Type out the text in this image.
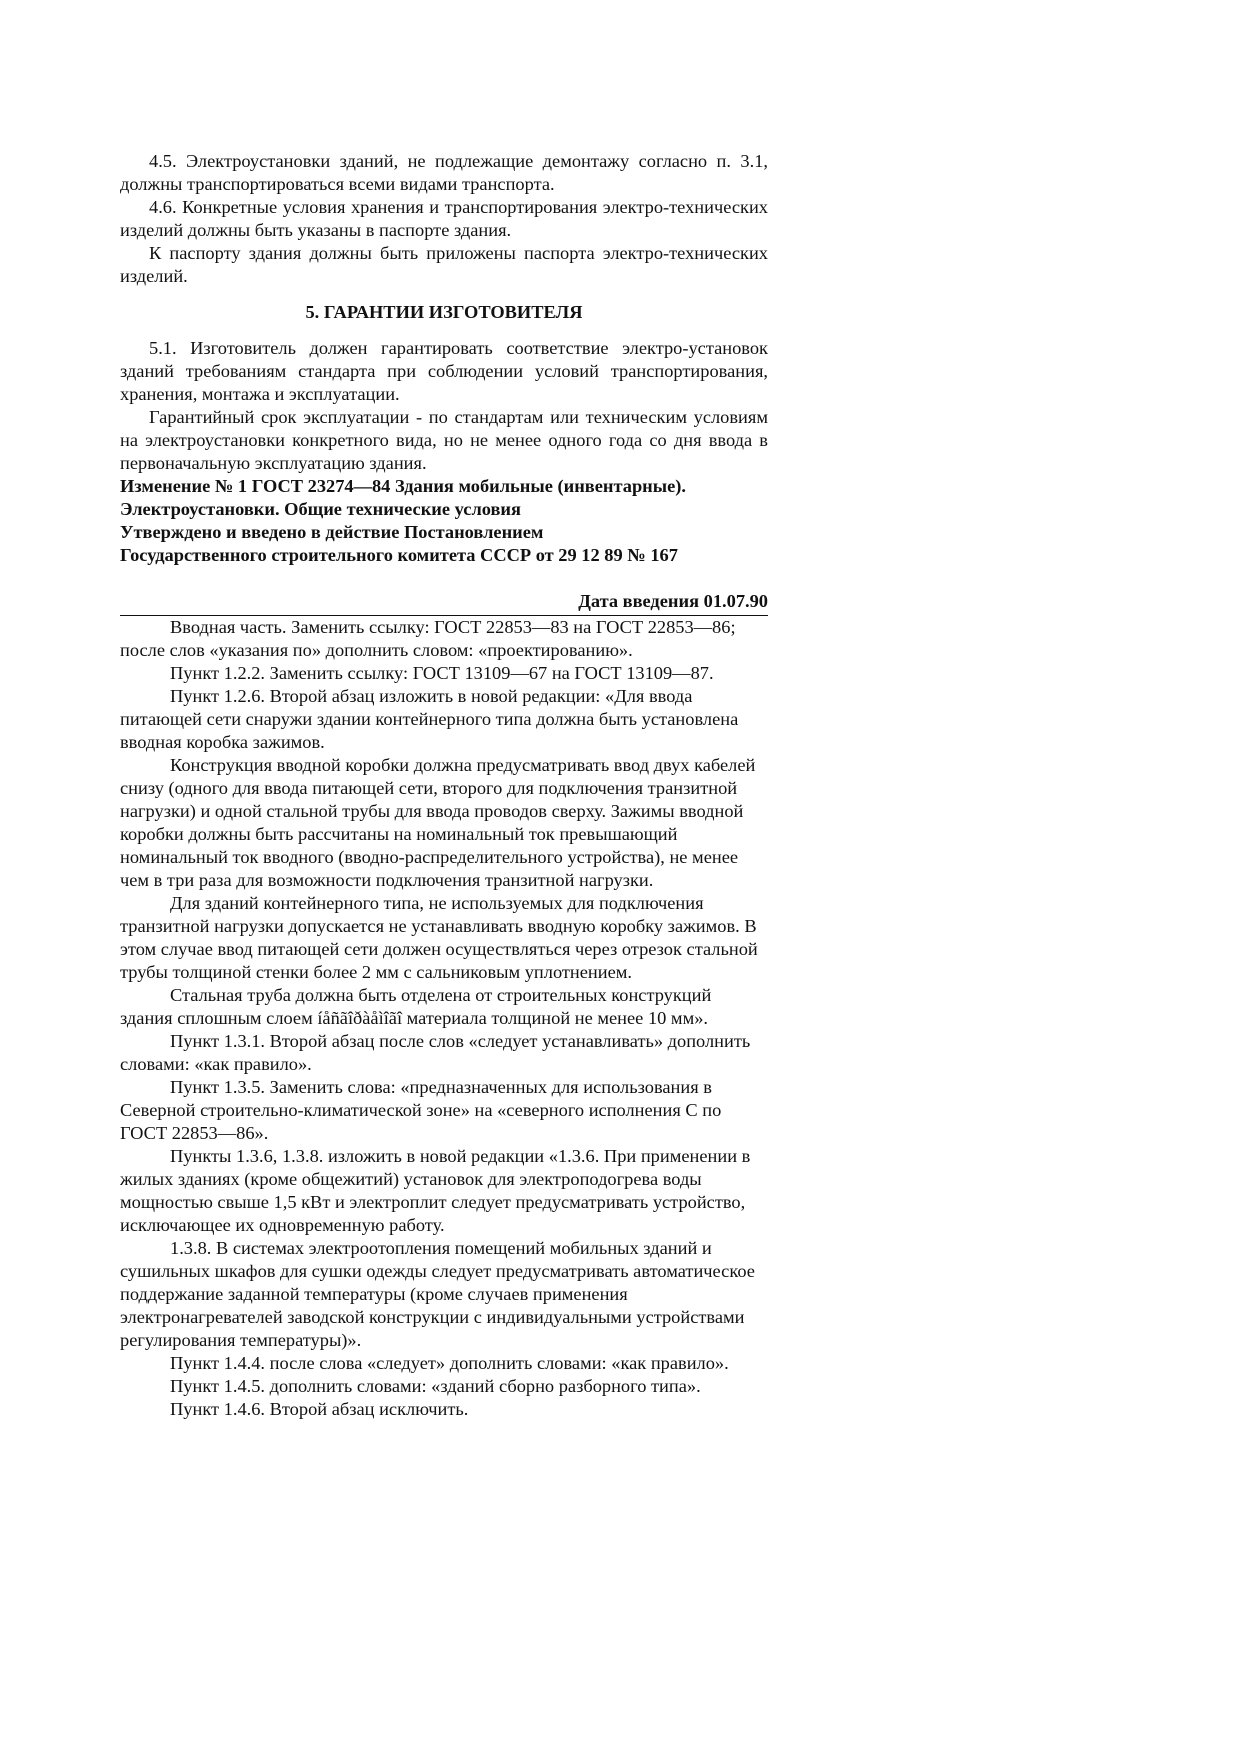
4.5. Электроустановки зданий, не подлежащие демонтажу согласно п. 3.1, должны транспортироваться всеми видами транспорта.

4.6. Конкретные условия хранения и транспортирования электро-технических изделий должны быть указаны в паспорте здания.

К паспорту здания должны быть приложены паспорта электро-технических изделий.

5. ГАРАНТИИ ИЗГОТОВИТЕЛЯ

5.1. Изготовитель должен гарантировать соответствие электро-установок зданий требованиям стандарта при соблюдении условий транспортирования, хранения, монтажа и эксплуатации.

Гарантийный срок эксплуатации - по стандартам или техническим условиям на электроустановки конкретного вида, но не менее одного года со дня ввода в первоначальную эксплуатацию здания.

Изменение № 1 ГОСТ 23274—84 Здания мобильные (инвентарные).
Электроустановки. Общие технические условия
Утверждено и введено в действие Постановлением
Государственного строительного комитета СССР от 29 12 89 № 167
Дата введения 01.07.90

Вводная часть. Заменить ссылку: ГОСТ 22853—83 на ГОСТ 22853—86; после слов «указания по» дополнить словом: «проектированию».

Пункт 1.2.2. Заменить ссылку: ГОСТ 13109—67 на ГОСТ 13109—87.

Пункт 1.2.6. Второй абзац изложить в новой редакции: «Для ввода питающей сети снаружи здании контейнерного типа должна быть установлена вводная коробка зажимов.

Конструкция вводной коробки должна предусматривать ввод двух кабелей снизу (одного для ввода питающей сети, второго для подключения транзитной нагрузки) и одной стальной трубы для ввода проводов сверху. Зажимы вводной коробки должны быть рассчитаны на номинальный ток превышающий номинальный ток вводного (вводно-распределительного устройства), не менее чем в три раза для возможности подключения транзитной нагрузки.

Для зданий контейнерного типа, не используемых для подключения транзитной нагрузки допускается не устанавливать вводную коробку зажимов. В этом случае ввод питающей сети должен осуществляться через отрезок стальной трубы толщиной стенки более 2 мм с сальниковым уплотнением.

Стальная труба должна быть отделена от строительных конструкций здания сплошным слоем íåñãîðàåìîãî материала толщиной не менее 10 мм».

Пункт 1.3.1. Второй абзац после слов «следует устанавливать» дополнить словами: «как правило».

Пункт 1.3.5. Заменить слова: «предназначенных для использования в Северной строительно-климатической зоне» на «северного исполнения С по ГОСТ 22853—86».

Пункты 1.3.6, 1.3.8. изложить в новой редакции «1.3.6. При применении в жилых зданиях (кроме общежитий) установок для электроподогрева воды мощностью свыше 1,5 кВт и электроплит следует предусматривать устройство, исключающее их одновременную работу.

1.3.8. В системах электроотопления помещений мобильных зданий и сушильных шкафов для сушки одежды следует предусматривать автоматическое поддержание заданной температуры (кроме случаев применения электронагревателей заводской конструкции с индивидуальными устройствами регулирования температуры)».

Пункт 1.4.4. после слова «следует» дополнить словами: «как правило».

Пункт 1.4.5. дополнить словами: «зданий сборно разборного типа».

Пункт 1.4.6. Второй абзац исключить.
